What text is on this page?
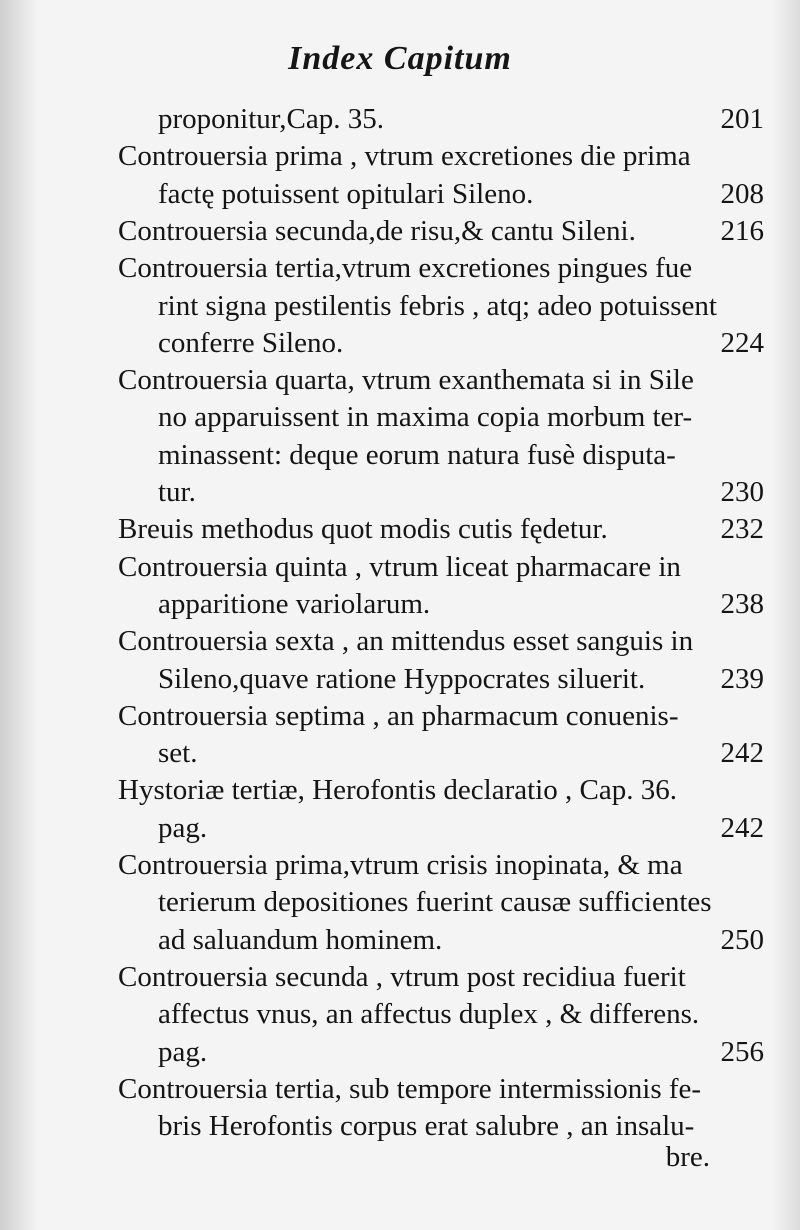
Index Capitum
proponitur,Cap. 35.	201
Controuersia prima , vtrum excretiones die prima
factę potuissent opitulari Sileno.	208
Controuersia secunda,de risu,& cantu Sileni.	216
Controuersia tertia,vtrum excretiones pingues fue
rint signa pestilentis febris , atq; adeo potuissent
conferre Sileno.	224
Controuersia quarta, vtrum exanthemata si in Sile
no apparuissent in maxima copia morbum ter-
minassent: deque eorum natura fusè disputa-
tur.	230
Breuis methodus quot modis cutis fędetur.	232
Controuersia quinta , vtrum liceat pharmacare in
apparitione variolarum.	238
Controuersia sexta , an mittendus esset sanguis in
Sileno,quave ratione Hyppocrates siluerit.	239
Controuersia septima , an pharmacum conuenis-
set.	242
Hystoriæ tertiæ, Herofontis declaratio , Cap. 36.
pag.	242
Controuersia prima,vtrum crisis inopinata, & ma
terierum depositiones fuerint causæ sufficientes
ad saluandum hominem.	250
Controuersia secunda , vtrum post recidiua fuerit
affectus vnus, an affectus duplex , & differens.
pag.	256
Controuersia tertia, sub tempore intermissionis fe-
bris Herofontis corpus erat salubre , an insalu-
bre.
